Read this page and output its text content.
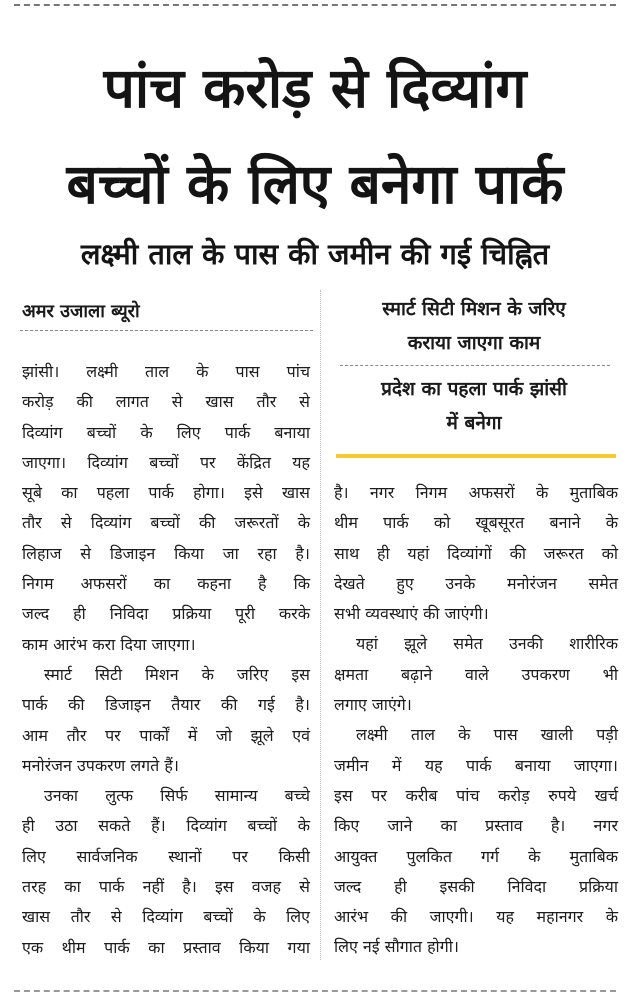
पांच करोड़ से दिव्यांग
बच्चों के लिए बनेगा पार्क
लक्ष्मी ताल के पास की जमीन की गई चिह्नित
अमर उजाला ब्यूरो	स्मार्ट सिटी मिशन के जरिए
कराया जाएगा काम
प्रदेश का पहला पार्क झांसी
में बनेगा
झांसी। लक्ष्मी ताल के पास पांच
करोड़ की लागत से खास तौर से
दिव्यांग बच्चों के लिए पार्क बनाया
जाएगा। दिव्यांग बच्चों पर केंद्रित यह
सूबे का पहला पार्क होगा। इसे खास
तौर से दिव्यांग बच्चों की जरूरतों के
लिहाज से डिजाइन किया जा रहा है।
निगम अफसरों का कहना है कि
जल्द ही निविदा प्रक्रिया पूरी करके
काम आरंभ करा दिया जाएगा।
स्मार्ट सिटी मिशन के जरिए इस
पार्क की डिजाइन तैयार की गई है।
आम तौर पर पार्कों में जो झूले एवं
मनोरंजन उपकरण लगते हैं।
उनका लुत्फ सिर्फ सामान्य बच्चे
ही उठा सकते हैं। दिव्यांग बच्चों के
लिए सार्वजनिक स्थानों पर किसी
तरह का पार्क नहीं है। इस वजह से
खास तौर से दिव्यांग बच्चों के लिए
एक थीम पार्क का प्रस्ताव किया गया
है। नगर निगम अफसरों के मुताबिक
थीम पार्क को खूबसूरत बनाने के
साथ ही यहां दिव्यांगों की जरूरत को
देखते हुए उनके मनोरंजन समेत
सभी व्यवस्थाएं की जाएंगी।
यहां झूले समेत उनकी शारीरिक
क्षमता बढ़ाने वाले उपकरण भी
लगाए जाएंगे।
लक्ष्मी ताल के पास खाली पड़ी
जमीन में यह पार्क बनाया जाएगा।
इस पर करीब पांच करोड़ रुपये खर्च
किए जाने का प्रस्ताव है। नगर
आयुक्त पुलकित गर्ग के मुताबिक
जल्द ही इसकी निविदा प्रक्रिया
आरंभ की जाएगी। यह महानगर के
लिए नई सौगात होगी।
